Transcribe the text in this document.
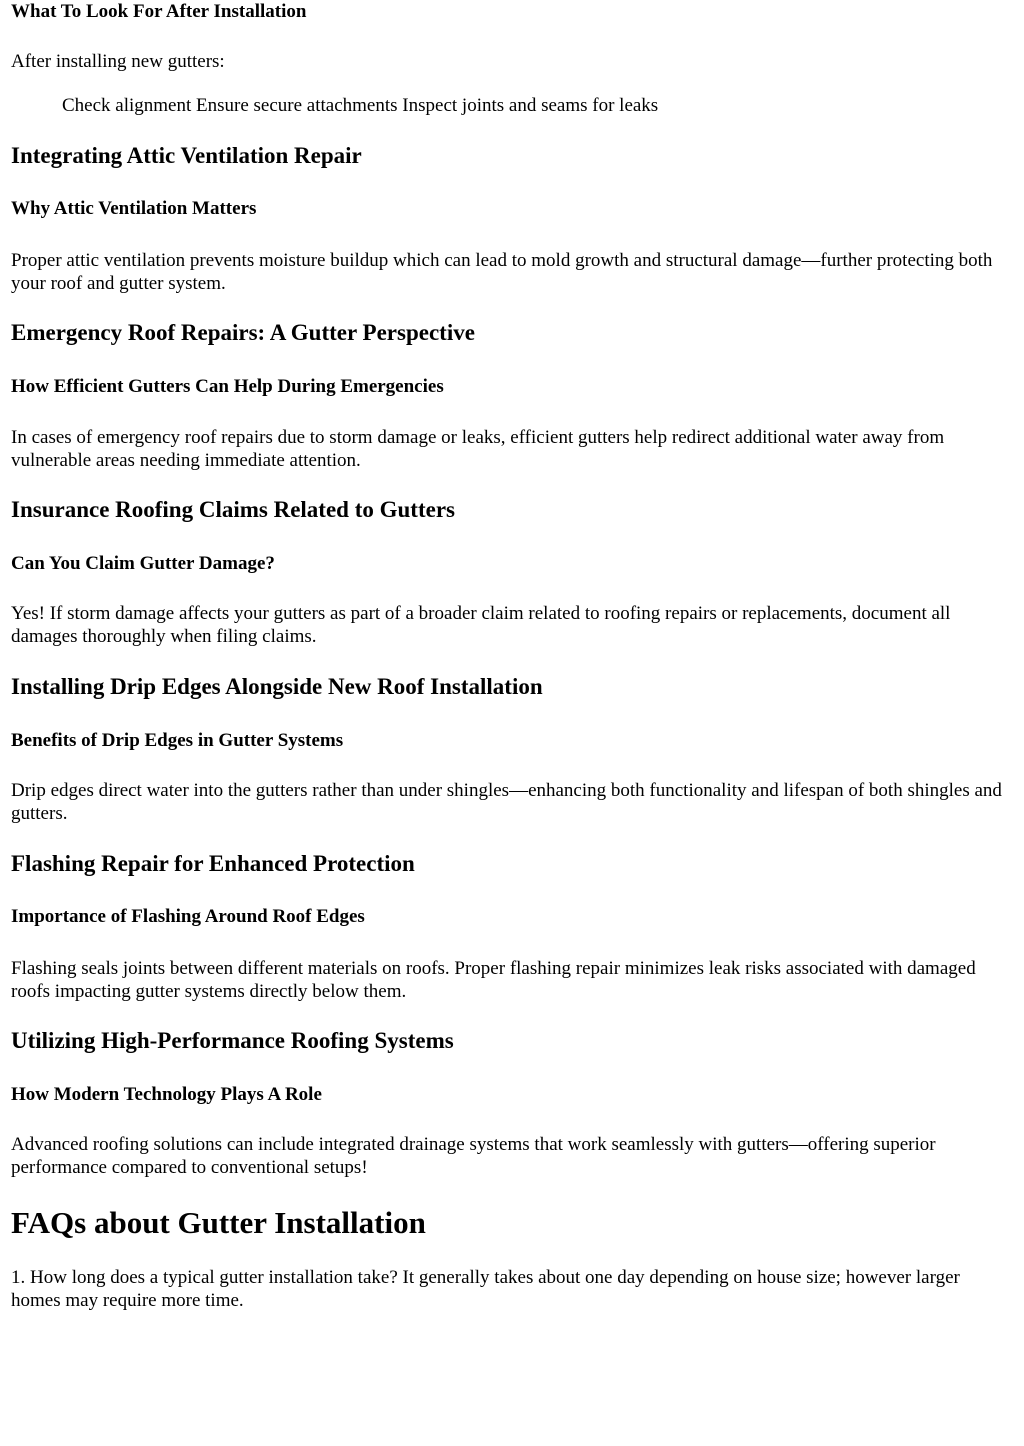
What To Look For After Installation

After installing new gutters:

Check alignment Ensure secure attachments Inspect joints and seams for leaks

Integrating Attic Ventilation Repair
Why Attic Ventilation Matters

Proper attic ventilation prevents moisture buildup which can lead to mold growth and structural damage—further protecting both your roof and gutter system.

Emergency Roof Repairs: A Gutter Perspective
How Efficient Gutters Can Help During Emergencies

In cases of emergency roof repairs due to storm damage or leaks, efficient gutters help redirect additional water away from vulnerable areas needing immediate attention.

Insurance Roofing Claims Related to Gutters
Can You Claim Gutter Damage?

Yes! If storm damage affects your gutters as part of a broader claim related to roofing repairs or replacements, document all damages thoroughly when filing claims.

Installing Drip Edges Alongside New Roof Installation
Benefits of Drip Edges in Gutter Systems

Drip edges direct water into the gutters rather than under shingles—enhancing both functionality and lifespan of both shingles and gutters.

Flashing Repair for Enhanced Protection
Importance of Flashing Around Roof Edges

Flashing seals joints between different materials on roofs. Proper flashing repair minimizes leak risks associated with damaged roofs impacting gutter systems directly below them.

Utilizing High-Performance Roofing Systems
How Modern Technology Plays A Role

Advanced roofing solutions can include integrated drainage systems that work seamlessly with gutters—offering superior performance compared to conventional setups!

FAQs about Gutter Installation

1. How long does a typical gutter installation take? It generally takes about one day depending on house size; however larger homes may require more time.
